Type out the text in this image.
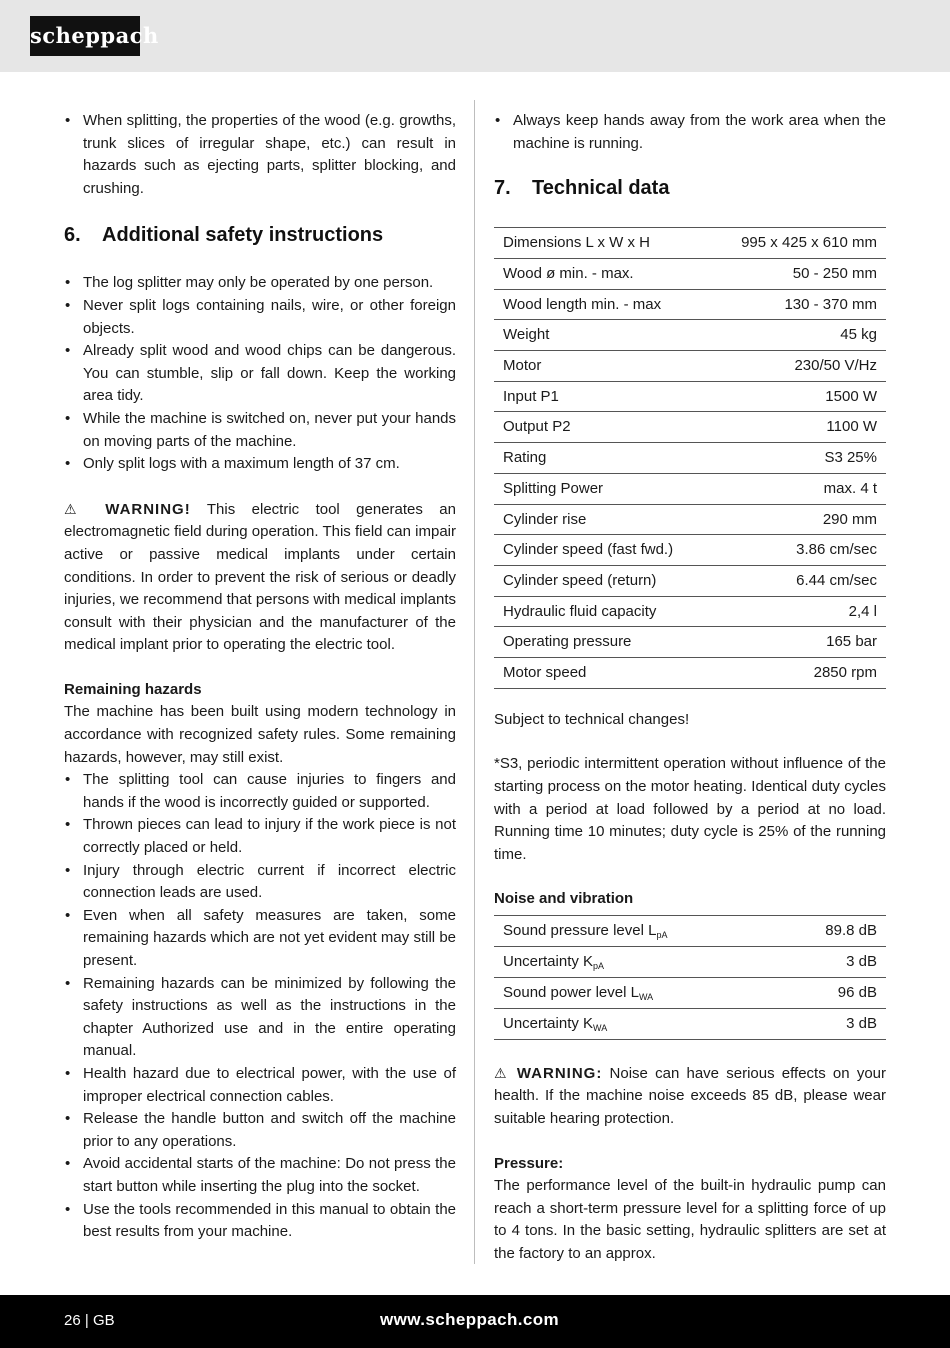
scheppach
• When splitting, the properties of the wood (e.g. growths, trunk slices of irregular shape, etc.) can result in hazards such as ejecting parts, splitter blocking, and crushing.
6.	Additional safety instructions
• The log splitter may only be operated by one person.
• Never split logs containing nails, wire, or other foreign objects.
• Already split wood and wood chips can be dangerous. You can stumble, slip or fall down. Keep the working area tidy.
• While the machine is switched on, never put your hands on moving parts of the machine.
• Only split logs with a maximum length of 37 cm.

⚠ WARNING! This electric tool generates an electromagnetic field during operation. This field can impair active or passive medical implants under certain conditions. In order to prevent the risk of serious or deadly injuries, we recommend that persons with medical implants consult with their physician and the manufacturer of the medical implant prior to operating the electric tool.

Remaining hazards

The machine has been built using modern technology in accordance with recognized safety rules. Some remaining hazards, however, may still exist.

• The splitting tool can cause injuries to fingers and hands if the wood is incorrectly guided or supported.
• Thrown pieces can lead to injury if the work piece is not correctly placed or held.
• Injury through electric current if incorrect electric connection leads are used.
• Even when all safety measures are taken, some remaining hazards which are not yet evident may still be present.
• Remaining hazards can be minimized by following the safety instructions as well as the instructions in the chapter Authorized use and in the entire operating manual.
• Health hazard due to electrical power, with the use of improper electrical connection cables.
• Release the handle button and switch off the machine prior to any operations.
• Avoid accidental starts of the machine: Do not press the start button while inserting the plug into the socket.
• Use the tools recommended in this manual to obtain the best results from your machine.
• Always keep hands away from the work area when the machine is running.
7.	Technical data
Dimensions L x W x H	995 x 425 x 610 mm
Wood ø min. - max.	50 - 250 mm
Wood length min. - max	130 - 370 mm
Weight	45 kg
Motor	230/50 V/Hz
Input P1	1500 W
Output P2	1100 W
Rating	S3 25%
Splitting Power	max. 4 t
Cylinder rise	290 mm
Cylinder speed (fast fwd.)	3.86 cm/sec
Cylinder speed (return)	6.44 cm/sec
Hydraulic fluid capacity	2,4 l
Operating pressure	165 bar
Motor speed	2850 rpm

Subject to technical changes!

*S3, periodic intermittent operation without influence of the starting process on the motor heating. Identical duty cycles with a period at load followed by a period at no load. Running time 10 minutes; duty cycle is 25% of the running time.

Noise and vibration

Sound pressure level $L_{pA}$	89.8 dB
Uncertainty $K_{pA}$	3 dB
Sound power level $L_{WA}$	96 dB
Uncertainty $K_{WA}$	3 dB

⚠ WARNING: Noise can have serious effects on your health. If the machine noise exceeds 85 dB, please wear suitable hearing protection.

Pressure:

The performance level of the built-in hydraulic pump can reach a short-term pressure level for a splitting force of up to 4 tons. In the basic setting, hydraulic splitters are set at the factory to an approx.

26 | GB	www.scheppach.com
